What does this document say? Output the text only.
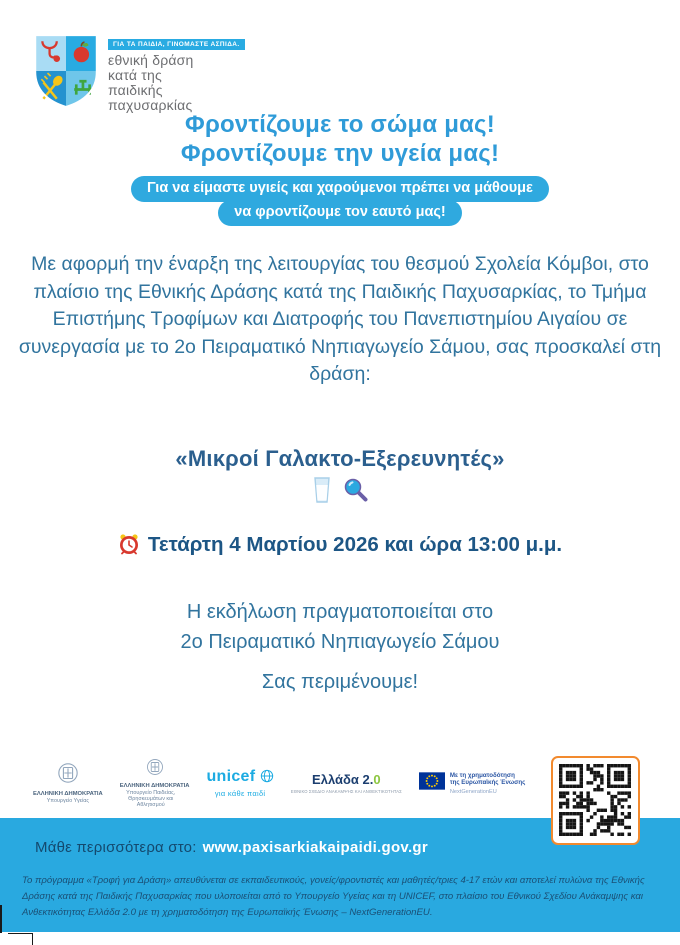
ΓΙΑ ΤΑ ΠΑΙΔΙΑ, ΓΙΝΟΜΑΣΤΕ ΑΣΠΙΔΑ.
εθνική δράση
κατά της
παιδικής
παχυσαρκίας
Φροντίζουμε το σώμα μας!
Φροντίζουμε την υγεία μας!
Για να είμαστε υγιείς και χαρούμενοι πρέπει να μάθουμε
να φροντίζουμε τον εαυτό μας!

Με αφορμή την έναρξη της λειτουργίας του θεσμού Σχολεία Κόμβοι, στο πλαίσιο της Εθνικής Δράσης κατά της Παιδικής Παχυσαρκίας, το Τμήμα Επιστήμης Τροφίμων και Διατροφής του Πανεπιστημίου Αιγαίου σε συνεργασία με το 2ο Πειραματικό Νηπιαγωγείο Σάμου, σας προσκαλεί στη δράση:

«Μικροί Γαλακτο-Εξερευνητές»
Τετάρτη 4 Μαρτίου 2026 και ώρα 13:00 μ.μ.
Η εκδήλωση πραγματοποιείται στο
2ο Πειραματικό Νηπιαγωγείο Σάμου
Σας περιμένουμε!
ΕΛΛΗΝΙΚΗ ΔΗΜΟΚΡΑΤΙΑ
Υπουργείο Υγείας
ΕΛΛΗΝΙΚΗ ΔΗΜΟΚΡΑΤΙΑ
Υπουργείο Παιδείας, Θρησκευμάτων και Αθλητισμού
unicef
για κάθε παιδί
Ελλάδα 2.0
ΕΘΝΙΚΟ ΣΧΕΔΙΟ ΑΝΑΚΑΜΨΗΣ ΚΑΙ ΑΝΘΕΚΤΙΚΟΤΗΤΑΣ
Με τη χρηματοδότηση
της Ευρωπαϊκής Ένωσης
NextGenerationEU
Μάθε περισσότερα στο: www.paxisarkiakaipaidi.gov.gr
Το πρόγραμμα «Τροφή για Δράση» απευθύνεται σε εκπαιδευτικούς, γονείς/φροντιστές και μαθητές/τριες 4-17 ετών και αποτελεί πυλώνα της Εθνικής Δράσης κατά της Παιδικής Παχυσαρκίας που υλοποιείται από το Υπουργείο Υγείας και τη UNICEF, στο πλαίσιο του Εθνικού Σχεδίου Ανάκαμψης και Ανθεκτικότητας Ελλάδα 2.0 με τη χρηματοδότηση της Ευρωπαϊκής Ένωσης – NextGenerationEU.
